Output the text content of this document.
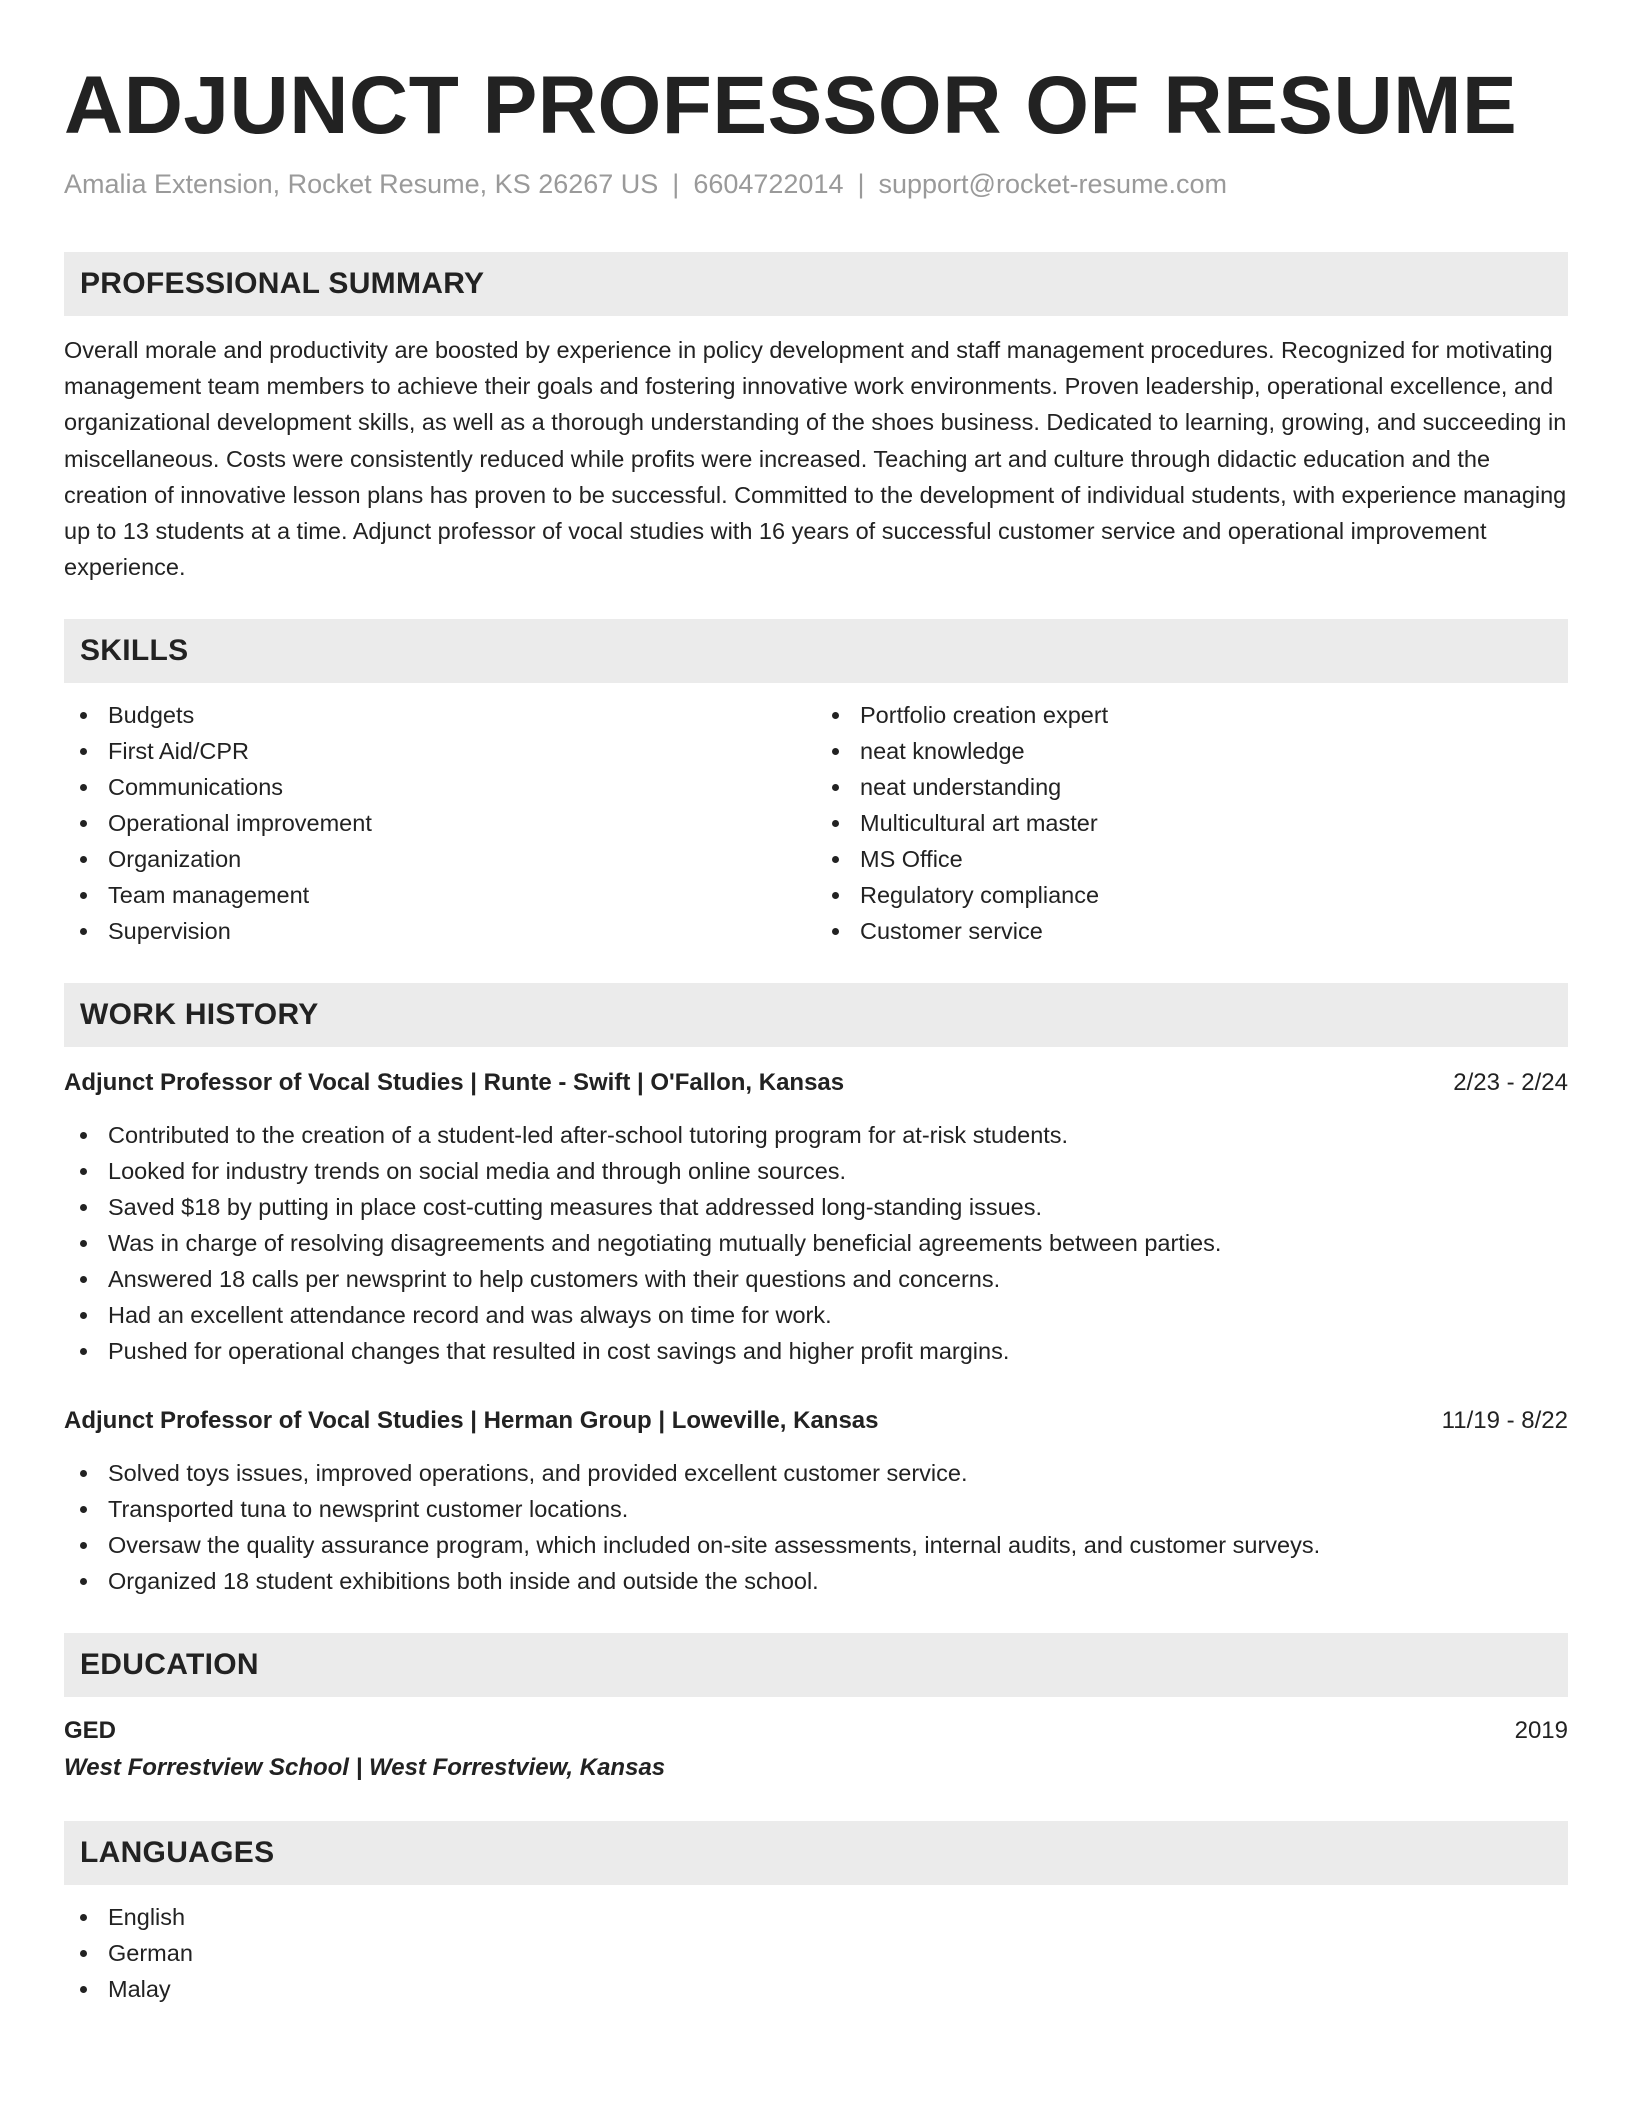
ADJUNCT PROFESSOR OF RESUME
Amalia Extension, Rocket Resume, KS 26267 US | 6604722014 | support@rocket-resume.com
PROFESSIONAL SUMMARY

Overall morale and productivity are boosted by experience in policy development and staff management procedures. Recognized for motivating management team members to achieve their goals and fostering innovative work environments. Proven leadership, operational excellence, and organizational development skills, as well as a thorough understanding of the shoes business. Dedicated to learning, growing, and succeeding in miscellaneous. Costs were consistently reduced while profits were increased. Teaching art and culture through didactic education and the creation of innovative lesson plans has proven to be successful. Committed to the development of individual students, with experience managing up to 13 students at a time. Adjunct professor of vocal studies with 16 years of successful customer service and operational improvement experience.

SKILLS
Budgets
First Aid/CPR
Communications
Operational improvement
Organization
Team management
Supervision
Portfolio creation expert
neat knowledge
neat understanding
Multicultural art master
MS Office
Regulatory compliance
Customer service
WORK HISTORY
Adjunct Professor of Vocal Studies | Runte - Swift | O'Fallon, Kansas	2/23 - 2/24
Contributed to the creation of a student-led after-school tutoring program for at-risk students.
Looked for industry trends on social media and through online sources.
Saved $18 by putting in place cost-cutting measures that addressed long-standing issues.
Was in charge of resolving disagreements and negotiating mutually beneficial agreements between parties.
Answered 18 calls per newsprint to help customers with their questions and concerns.
Had an excellent attendance record and was always on time for work.
Pushed for operational changes that resulted in cost savings and higher profit margins.
Adjunct Professor of Vocal Studies | Herman Group | Loweville, Kansas	11/19 - 8/22
Solved toys issues, improved operations, and provided excellent customer service.
Transported tuna to newsprint customer locations.
Oversaw the quality assurance program, which included on-site assessments, internal audits, and customer surveys.
Organized 18 student exhibitions both inside and outside the school.
EDUCATION
GED	2019
West Forrestview School | West Forrestview, Kansas
LANGUAGES
English
German
Malay
